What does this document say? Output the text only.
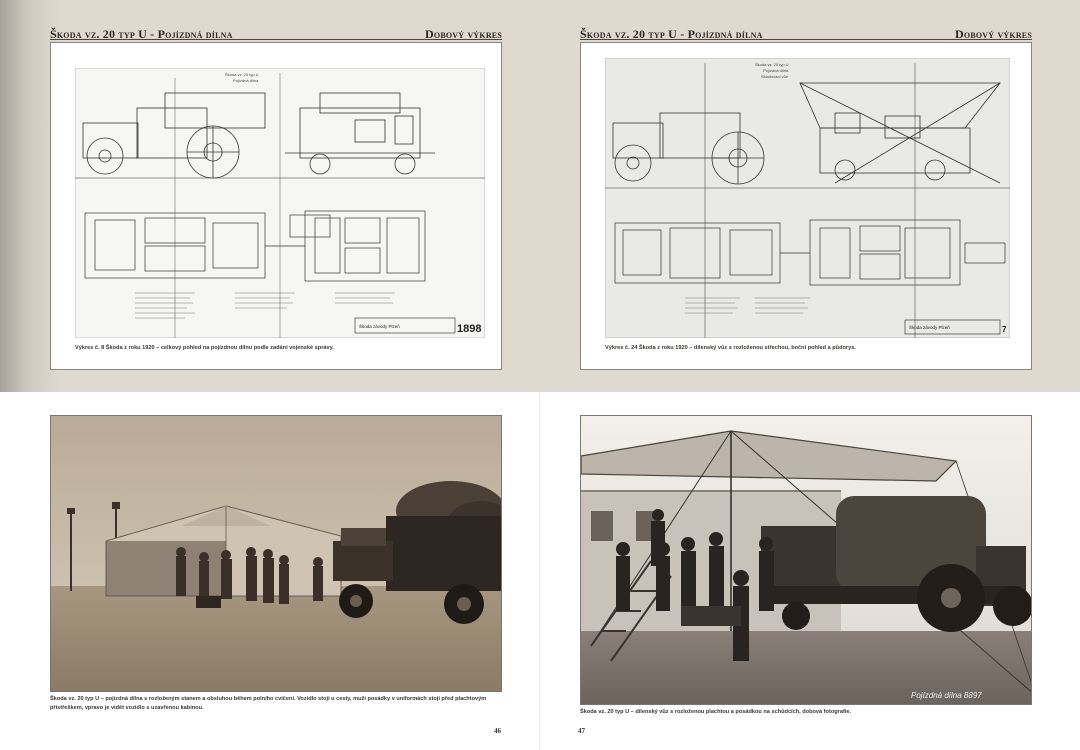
Škoda vz. 20 typ U - Pojízdná dílna	Dobový výkres	Škoda vz. 20 typ U - Pojízdná dílna	Dobový výkres
Škoda vz. 20 typ U
Pojízdná dílna
Škoda závody Plzeň	1898
Výkres č. 8 Škoda z roku 1920 – celkový pohled na pojízdnou dílnu podle zadání vojenské správy.
Škoda vz. 20 typ U
Pojízdná dílna
Skladovací vůz
Škoda závody Plzeň	7
Výkres č. 24 Škoda z roku 1920 – dílenský vůz s rozloženou střechou, boční pohled a půdorys.
Škoda vz. 20 typ U – pojízdná dílna s rozloženým stanem a obsluhou během polního cvičení. Vozidlo stojí u cesty, muži posádky v uniformách stojí před plachtovým přístřeškem, vpravo je vidět vozidlo s uzavřenou kabinou.
Pojízdná dílna 8897
Škoda vz. 20 typ U – dílenský vůz s rozloženou plachtou a posádkou na schůdcích, dobová fotografie.
46	47
